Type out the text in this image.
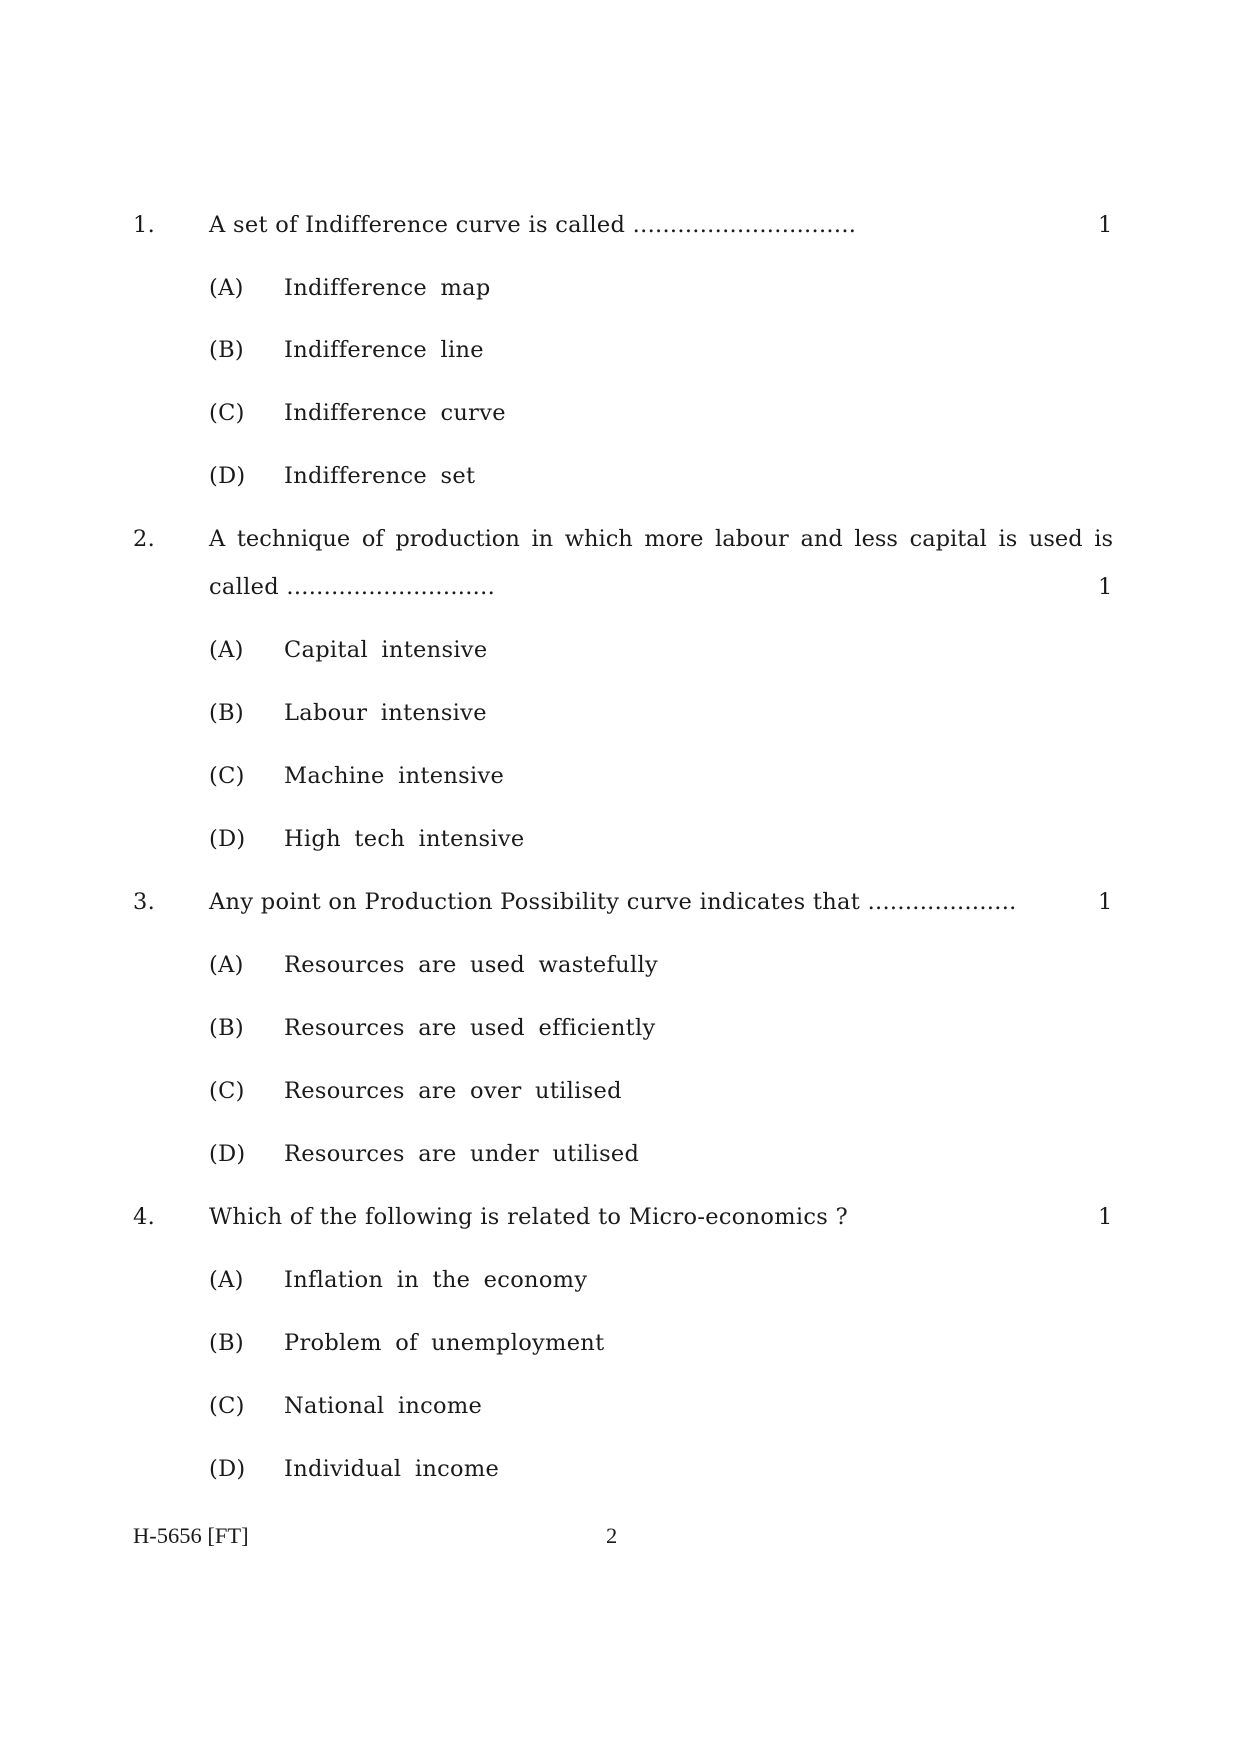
1. A set of Indifference curve is called ..............................	1
(A) Indifference map
(B) Indifference line
(C) Indifference curve
(D) Indifference set
2. A technique of production in which more labour and less capital is used is
called ............................	1
(A) Capital intensive
(B) Labour intensive
(C) Machine intensive
(D) High tech intensive
3. Any point on Production Possibility curve indicates that ....................	1
(A) Resources are used wastefully
(B) Resources are used efficiently
(C) Resources are over utilised
(D) Resources are under utilised
4. Which of the following is related to Micro-economics ?	1
(A) Inflation in the economy
(B) Problem of unemployment
(C) National income
(D) Individual income
H-5656 [FT]	2
